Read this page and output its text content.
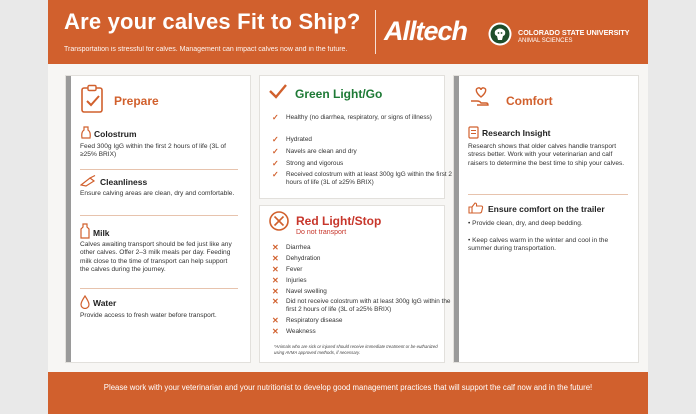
Are your calves Fit to Ship?
Transportation is stressful for calves. Management can impact calves now and in the future.
Alltech	COLORADO STATE UNIVERSITY
ANIMAL SCIENCES
Prepare
Colostrum
Feed 300g IgG within the first 2 hours of life (3L of ≥25% BRIX)
Cleanliness
Ensure calving areas are clean, dry and comfortable.
Milk
Calves awaiting transport should be fed just like any other calves. Offer 2–3 milk meals per day. Feeding milk close to the time of transport can help support the calves during the journey.
Water
Provide access to fresh water before transport.
Green Light/Go
✓ Healthy (no diarrhea, respiratory, or signs of illness)
✓ Hydrated
✓ Navels are clean and dry
✓ Strong and vigorous
✓ Received colostrum with at least 300g IgG within the first 2 hours of life (3L of ≥25% BRIX)
Red Light/Stop
Do not transport
✕ Diarrhea
✕ Dehydration
✕ Fever
✕ Injuries
✕ Navel swelling
✕ Did not receive colostrum with at least 300g IgG within the first 2 hours of life (3L of ≥25% BRIX)
✕ Respiratory disease
✕ Weakness
*Animals who are sick or injured should receive immediate treatment or be euthanized using AVMA approved methods, if necessary.
Comfort
Research Insight
Research shows that older calves handle transport stress better. Work with your veterinarian and calf raisers to determine the best time to ship your calves.
Ensure comfort on the trailer
• Provide clean, dry, and deep bedding.
• Keep calves warm in the winter and cool in the summer during transportation.
Please work with your veterinarian and your nutritionist to develop good management practices that will support the calf now and in the future!
